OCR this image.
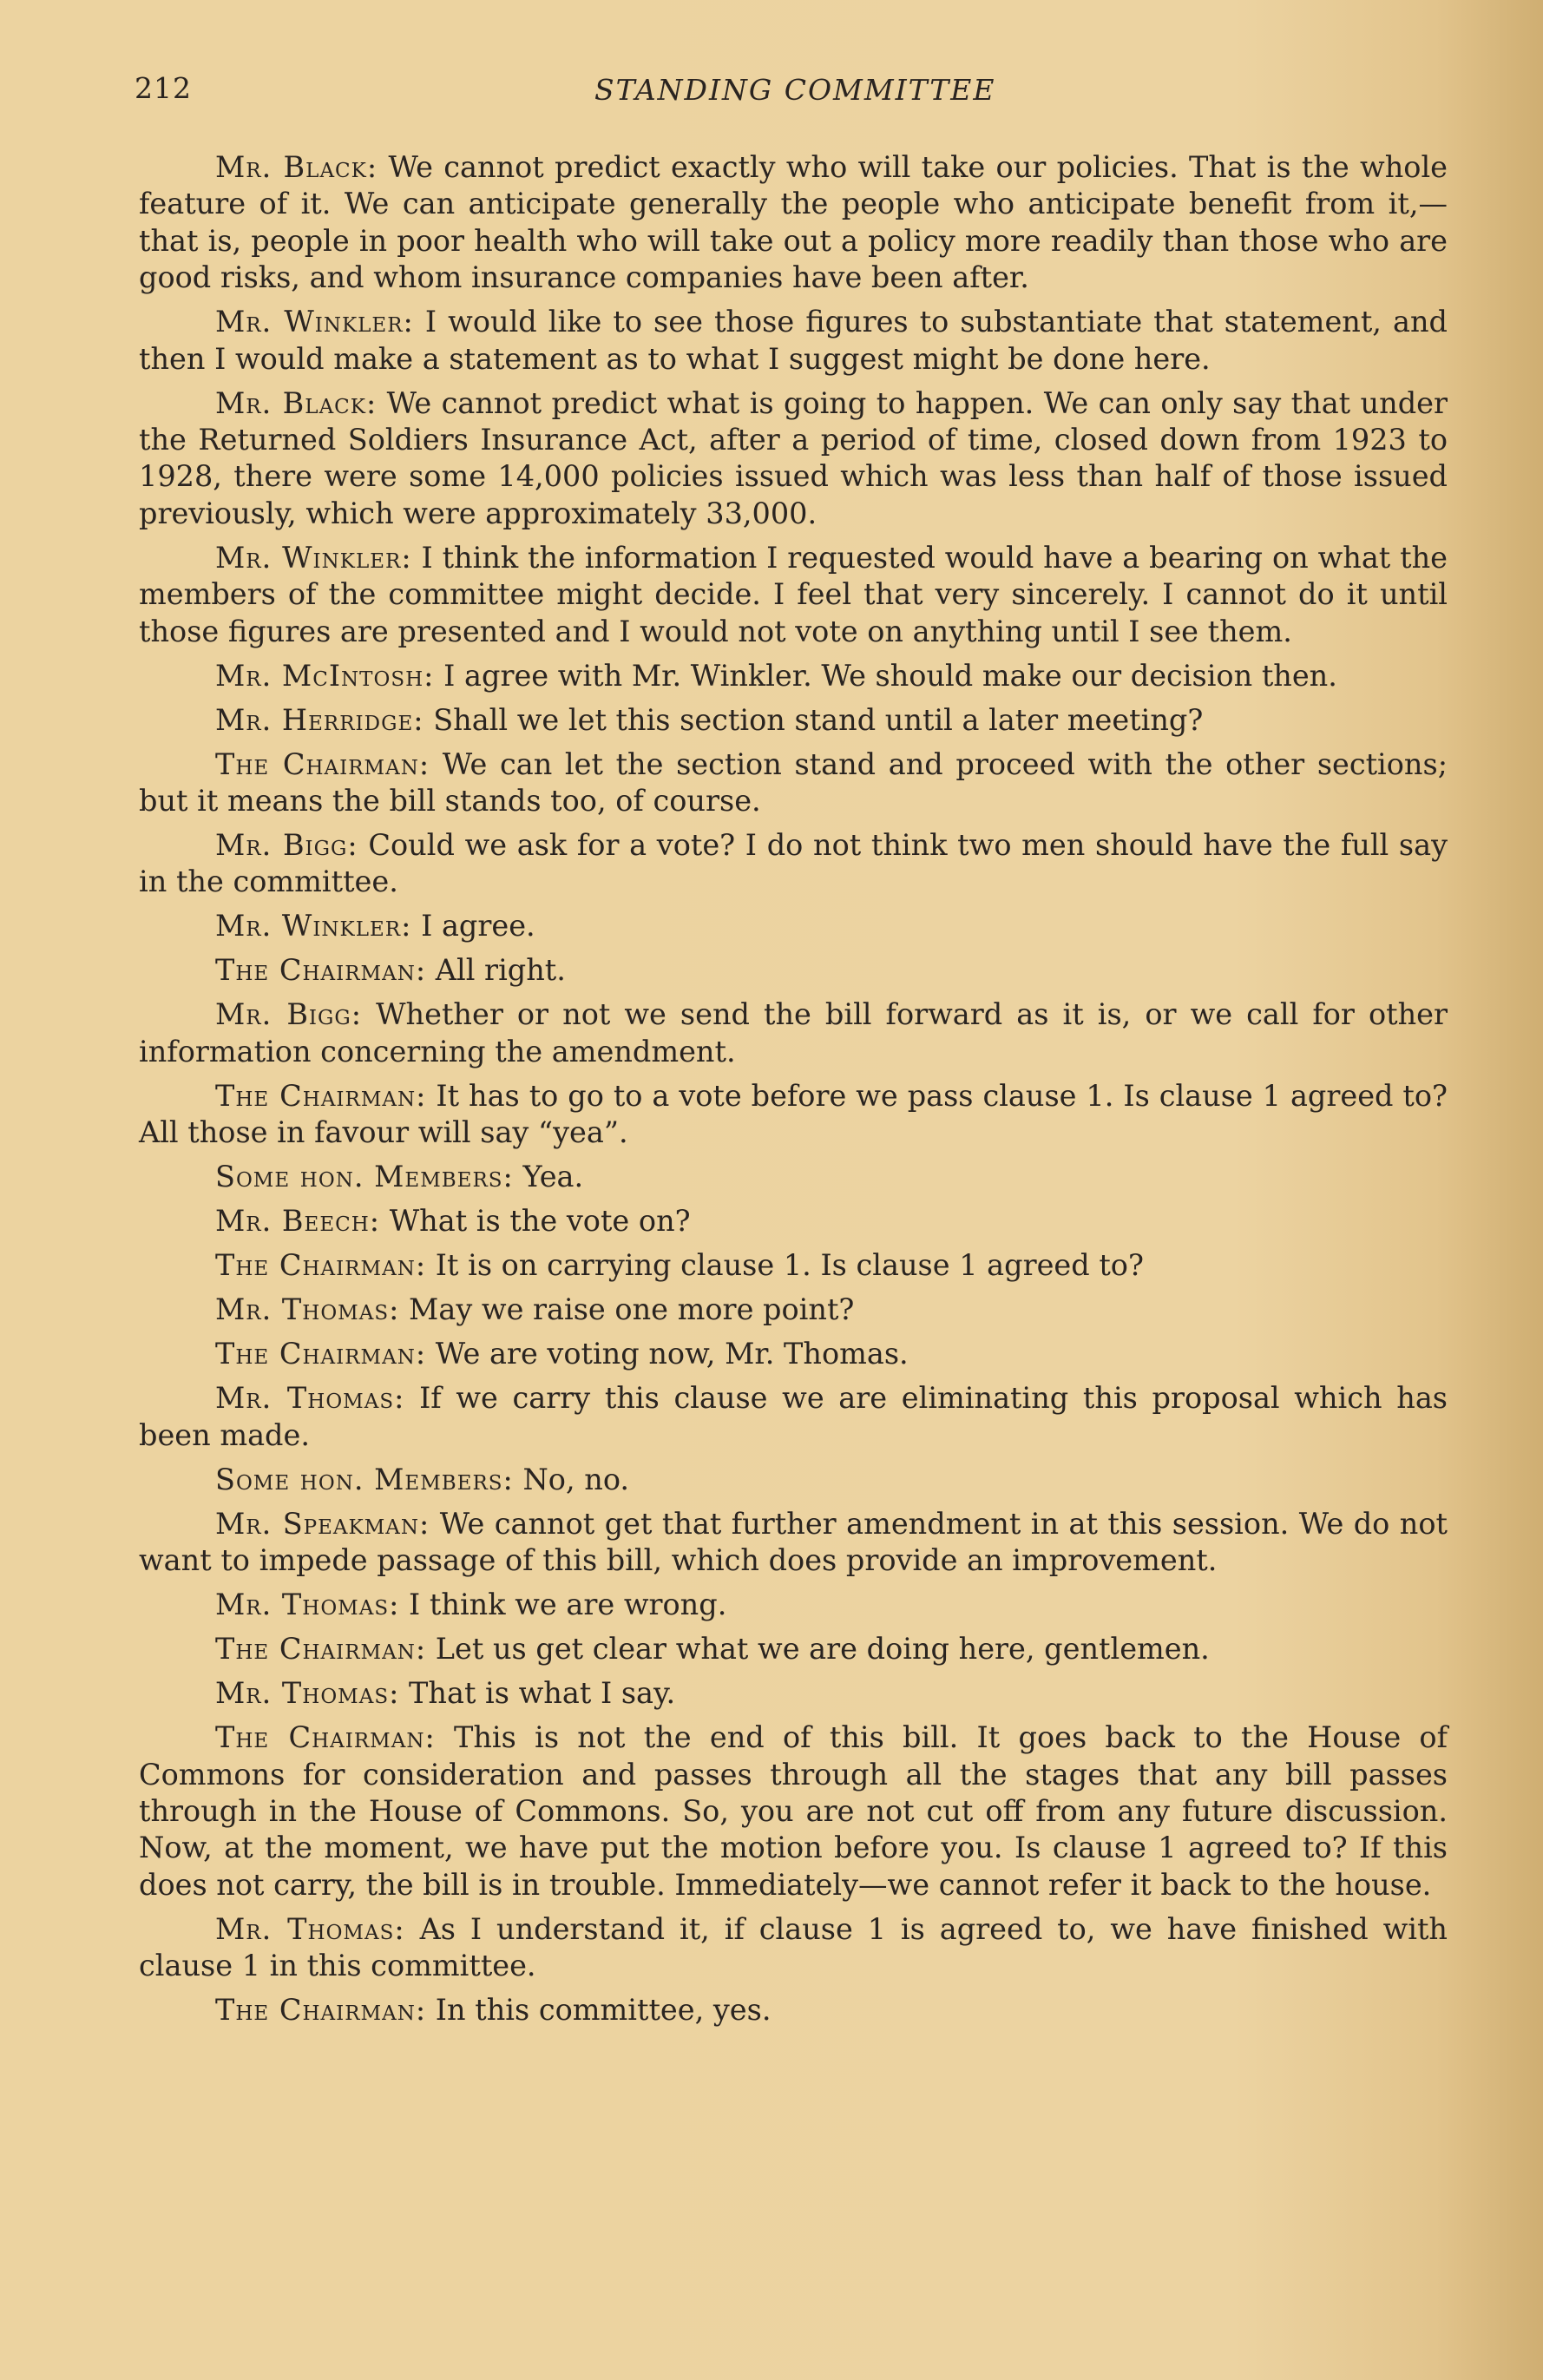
212	STANDING COMMITTEE

Mr. Black: We cannot predict exactly who will take our policies. That is the whole feature of it. We can anticipate generally the people who anticipate benefit from it,—that is, people in poor health who will take out a policy more readily than those who are good risks, and whom insurance companies have been after.

Mr. Winkler: I would like to see those figures to substantiate that statement, and then I would make a statement as to what I suggest might be done here.

Mr. Black: We cannot predict what is going to happen. We can only say that under the Returned Soldiers Insurance Act, after a period of time, closed down from 1923 to 1928, there were some 14,000 policies issued which was less than half of those issued previously, which were approximately 33,000.

Mr. Winkler: I think the information I requested would have a bearing on what the members of the committee might decide. I feel that very sincerely. I cannot do it until those figures are presented and I would not vote on anything until I see them.

Mr. McIntosh: I agree with Mr. Winkler. We should make our decision then.

Mr. Herridge: Shall we let this section stand until a later meeting?

The Chairman: We can let the section stand and proceed with the other sections; but it means the bill stands too, of course.

Mr. Bigg: Could we ask for a vote? I do not think two men should have the full say in the committee.

Mr. Winkler: I agree.

The Chairman: All right.

Mr. Bigg: Whether or not we send the bill forward as it is, or we call for other information concerning the amendment.

The Chairman: It has to go to a vote before we pass clause 1. Is clause 1 agreed to? All those in favour will say “yea”.

Some hon. Members: Yea.

Mr. Beech: What is the vote on?

The Chairman: It is on carrying clause 1. Is clause 1 agreed to?

Mr. Thomas: May we raise one more point?

The Chairman: We are voting now, Mr. Thomas.

Mr. Thomas: If we carry this clause we are eliminating this proposal which has been made.

Some hon. Members: No, no.

Mr. Speakman: We cannot get that further amendment in at this session. We do not want to impede passage of this bill, which does provide an improvement.

Mr. Thomas: I think we are wrong.

The Chairman: Let us get clear what we are doing here, gentlemen.

Mr. Thomas: That is what I say.

The Chairman: This is not the end of this bill. It goes back to the House of Commons for consideration and passes through all the stages that any bill passes through in the House of Commons. So, you are not cut off from any future discussion. Now, at the moment, we have put the motion before you. Is clause 1 agreed to? If this does not carry, the bill is in trouble. Immediately—we cannot refer it back to the house.

Mr. Thomas: As I understand it, if clause 1 is agreed to, we have finished with clause 1 in this committee.

The Chairman: In this committee, yes.
